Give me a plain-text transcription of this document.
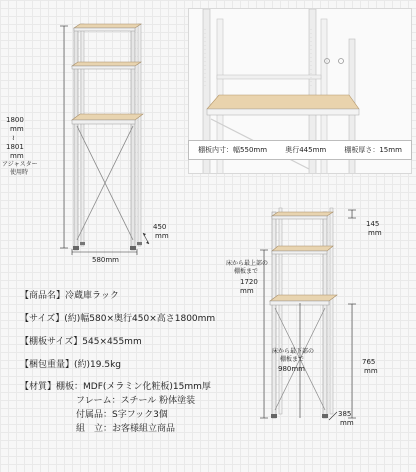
1800
mm
≀
1801
mm
アジャスター
使用時
450
mm
580mm
棚板内寸：幅550mm	奥行445mm	棚板厚さ：15mm
145
mm
床から最上部の
棚板まで
1720
mm
床から最下部の
棚板まで
980mm
765
mm
385
mm
【商品名】冷蔵庫ラック
【サイズ】(約)幅580×奥行450×高さ1800mm
【棚板サイズ】545×455mm
【梱包重量】(約)19.5kg
【材質】棚板：MDF(メラミン化粧板)15mm厚
フレーム：スチール 粉体塗装
付属品：S字フック3個
組　立：お客様組立商品
